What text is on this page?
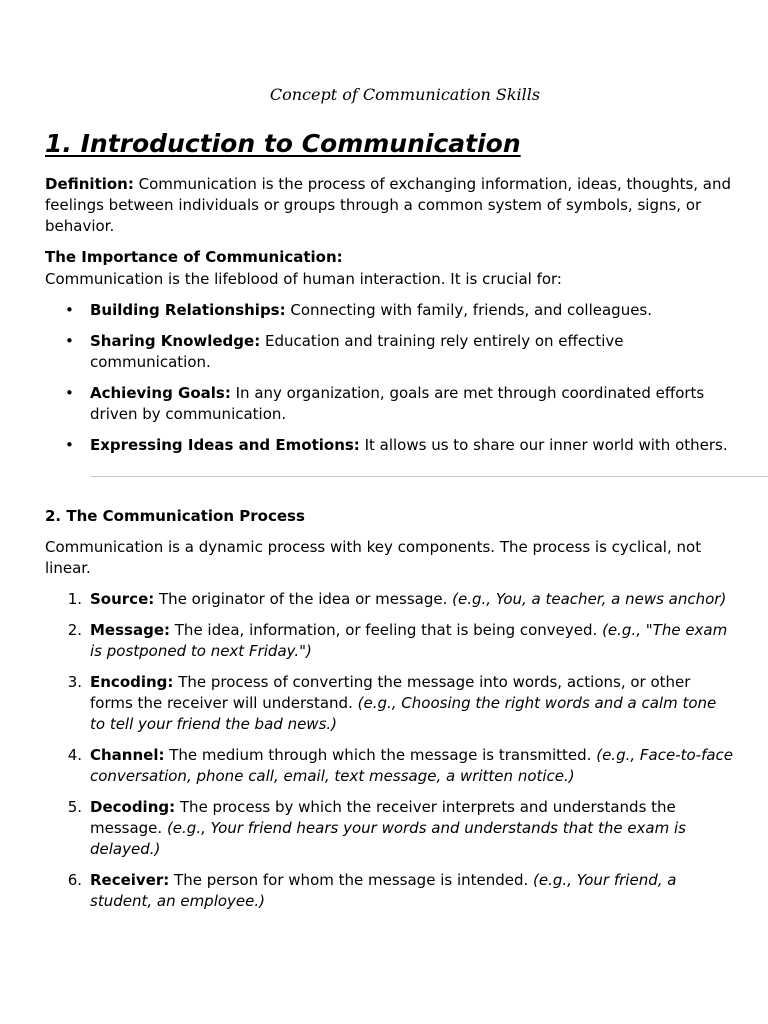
Concept of Communication Skills
1. Introduction to Communication

Definition: Communication is the process of exchanging information, ideas, thoughts, and feelings between individuals or groups through a common system of symbols, signs, or behavior.

The Importance of Communication:

Communication is the lifeblood of human interaction. It is crucial for:

• Building Relationships: Connecting with family, friends, and colleagues.
• Sharing Knowledge: Education and training rely entirely on effective communication.
• Achieving Goals: In any organization, goals are met through coordinated efforts driven by communication.
• Expressing Ideas and Emotions: It allows us to share our inner world with others.
2. The Communication Process

Communication is a dynamic process with key components. The process is cyclical, not linear.

1. Source: The originator of the idea or message. (e.g., You, a teacher, a news anchor)
2. Message: The idea, information, or feeling that is being conveyed. (e.g., "The exam is postponed to next Friday.")
3. Encoding: The process of converting the message into words, actions, or other forms the receiver will understand. (e.g., Choosing the right words and a calm tone to tell your friend the bad news.)
4. Channel: The medium through which the message is transmitted. (e.g., Face-to-face conversation, phone call, email, text message, a written notice.)
5. Decoding: The process by which the receiver interprets and understands the message. (e.g., Your friend hears your words and understands that the exam is delayed.)
6. Receiver: The person for whom the message is intended. (e.g., Your friend, a student, an employee.)
